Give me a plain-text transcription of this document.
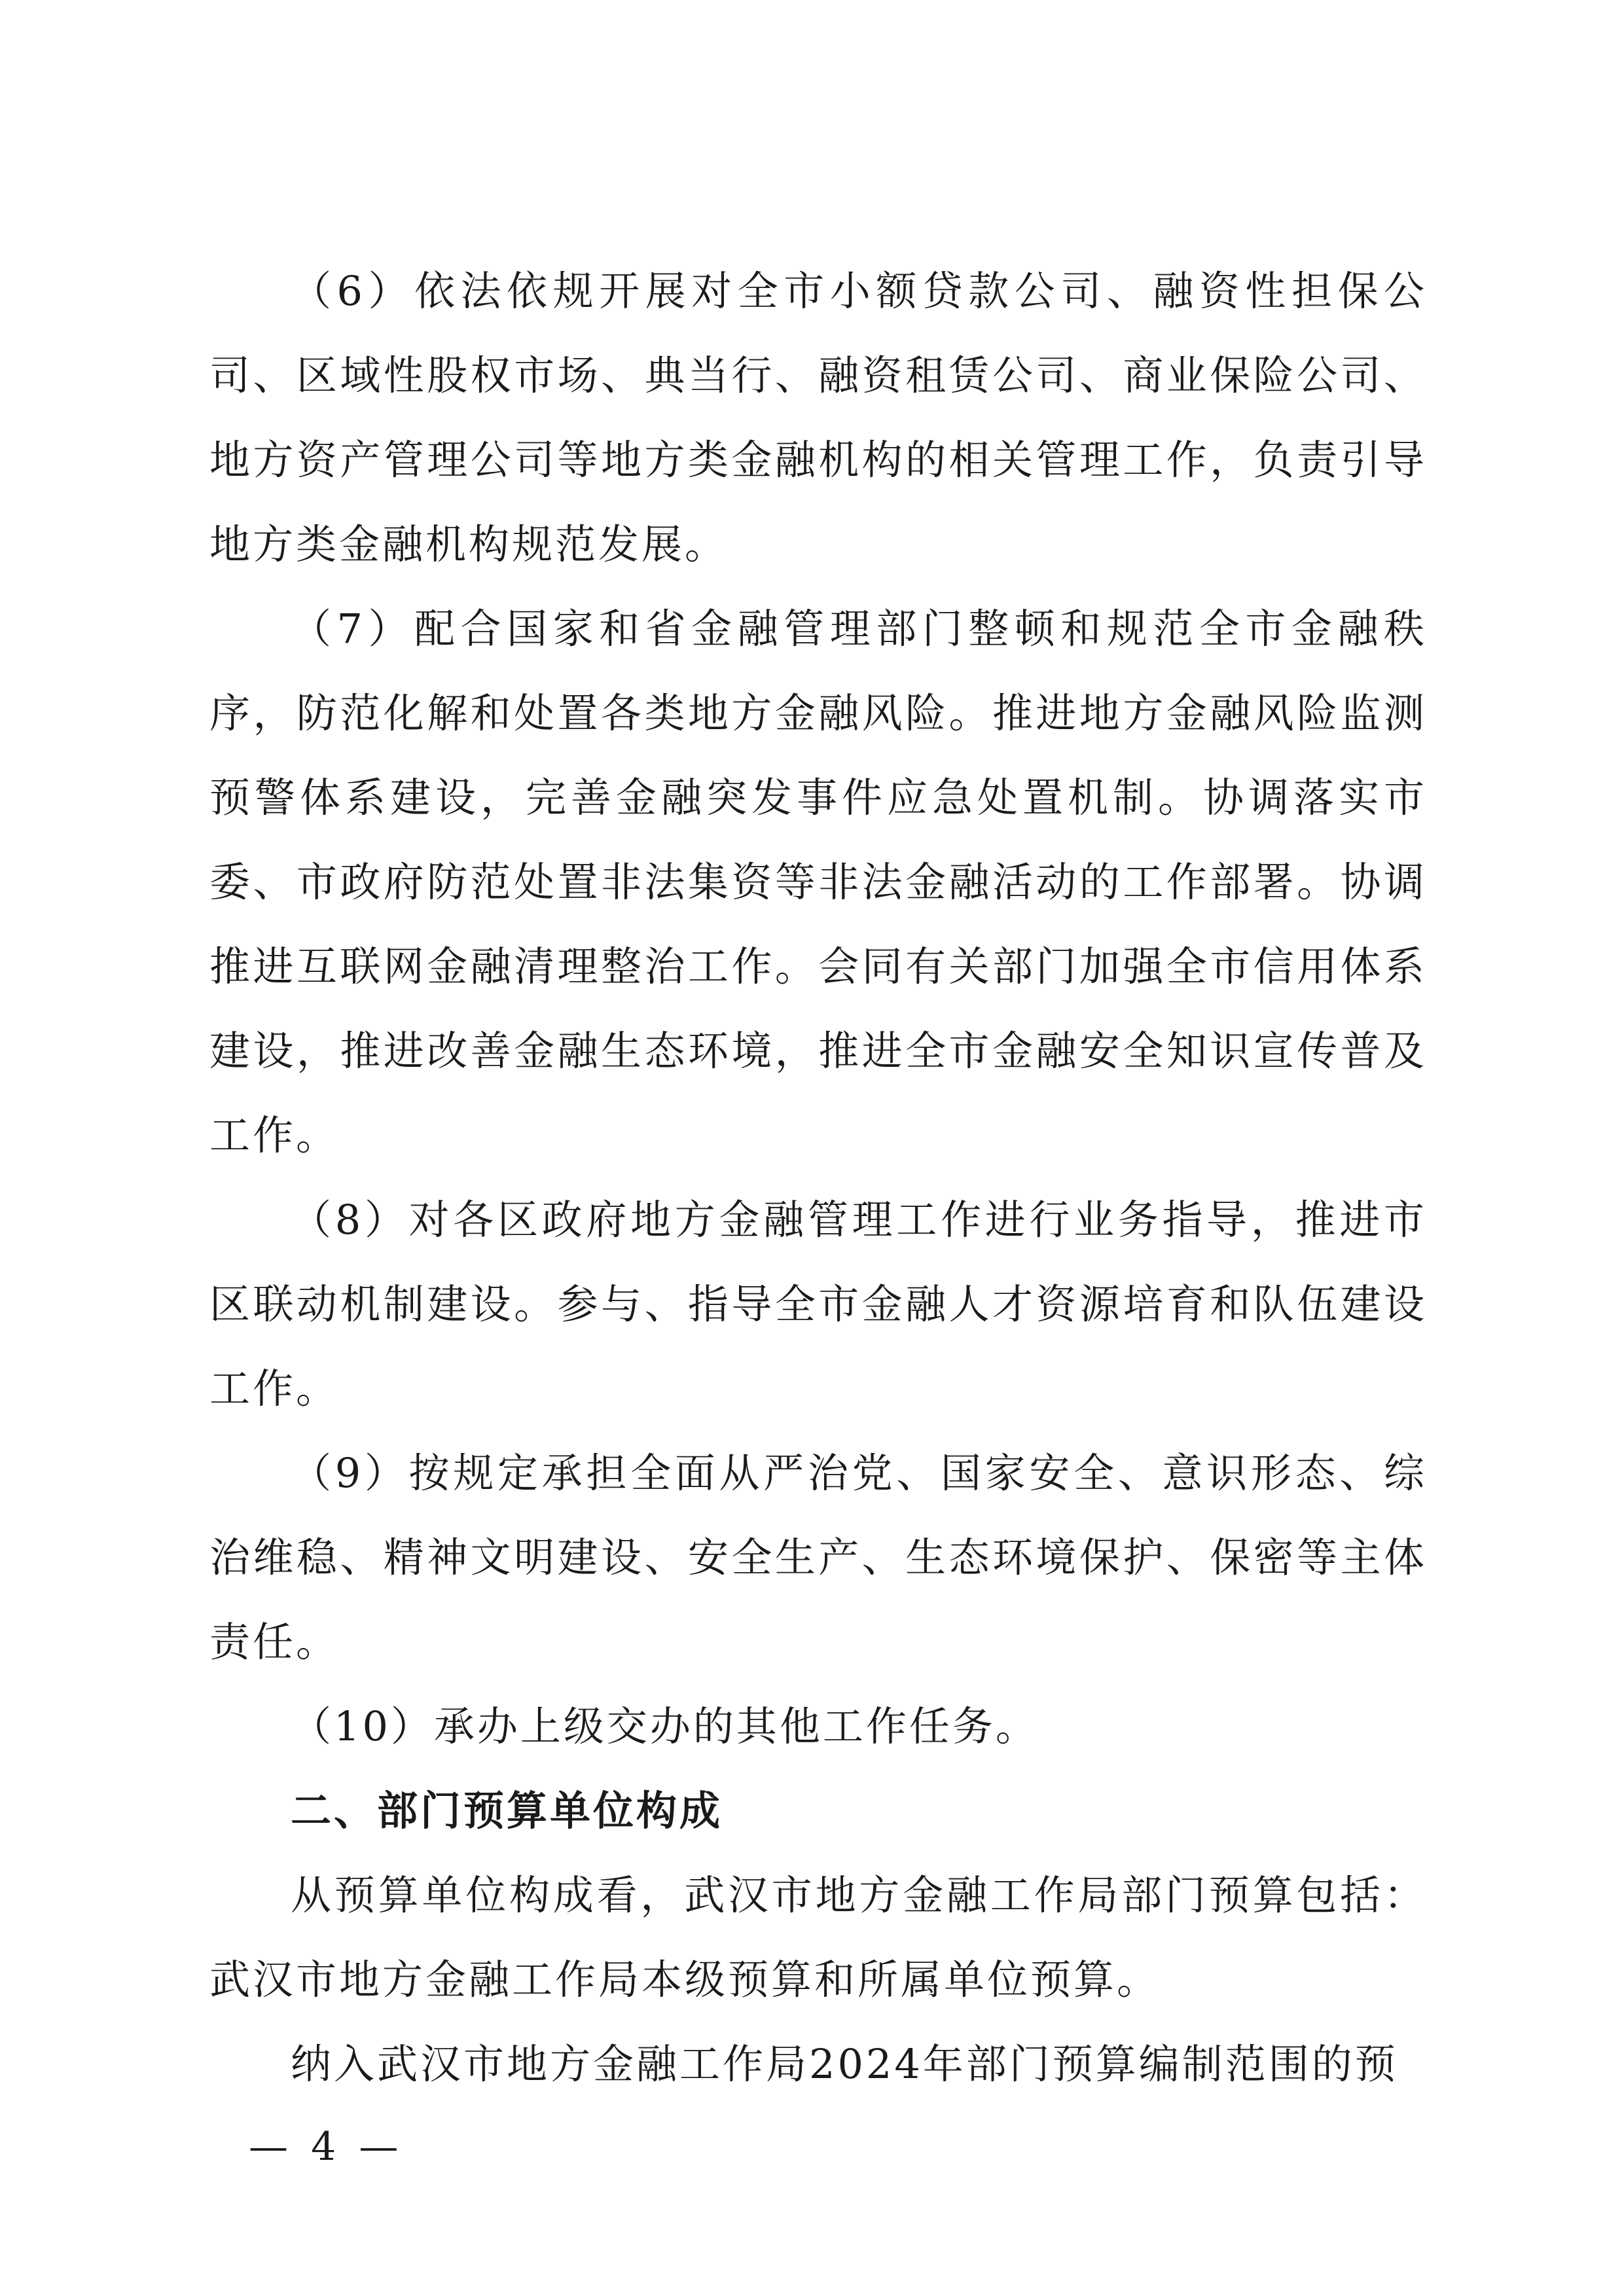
（6）依法依规开展对全市小额贷款公司、融资性担保公司、区域性股权市场、典当行、融资租赁公司、商业保险公司、地方资产管理公司等地方类金融机构的相关管理工作，负责引导地方类金融机构规范发展。

（7）配合国家和省金融管理部门整顿和规范全市金融秩序，防范化解和处置各类地方金融风险。推进地方金融风险监测预警体系建设，完善金融突发事件应急处置机制。协调落实市委、市政府防范处置非法集资等非法金融活动的工作部署。协调推进互联网金融清理整治工作。会同有关部门加强全市信用体系建设，推进改善金融生态环境，推进全市金融安全知识宣传普及工作。

（8）对各区政府地方金融管理工作进行业务指导，推进市区联动机制建设。参与、指导全市金融人才资源培育和队伍建设工作。

（9）按规定承担全面从严治党、国家安全、意识形态、综治维稳、精神文明建设、安全生产、生态环境保护、保密等主体责任。

（10）承办上级交办的其他工作任务。

二、部门预算单位构成

从预算单位构成看，武汉市地方金融工作局部门预算包括：武汉市地方金融工作局本级预算和所属单位预算。

纳入武汉市地方金融工作局2024年部门预算编制范围的预

— 4 —
